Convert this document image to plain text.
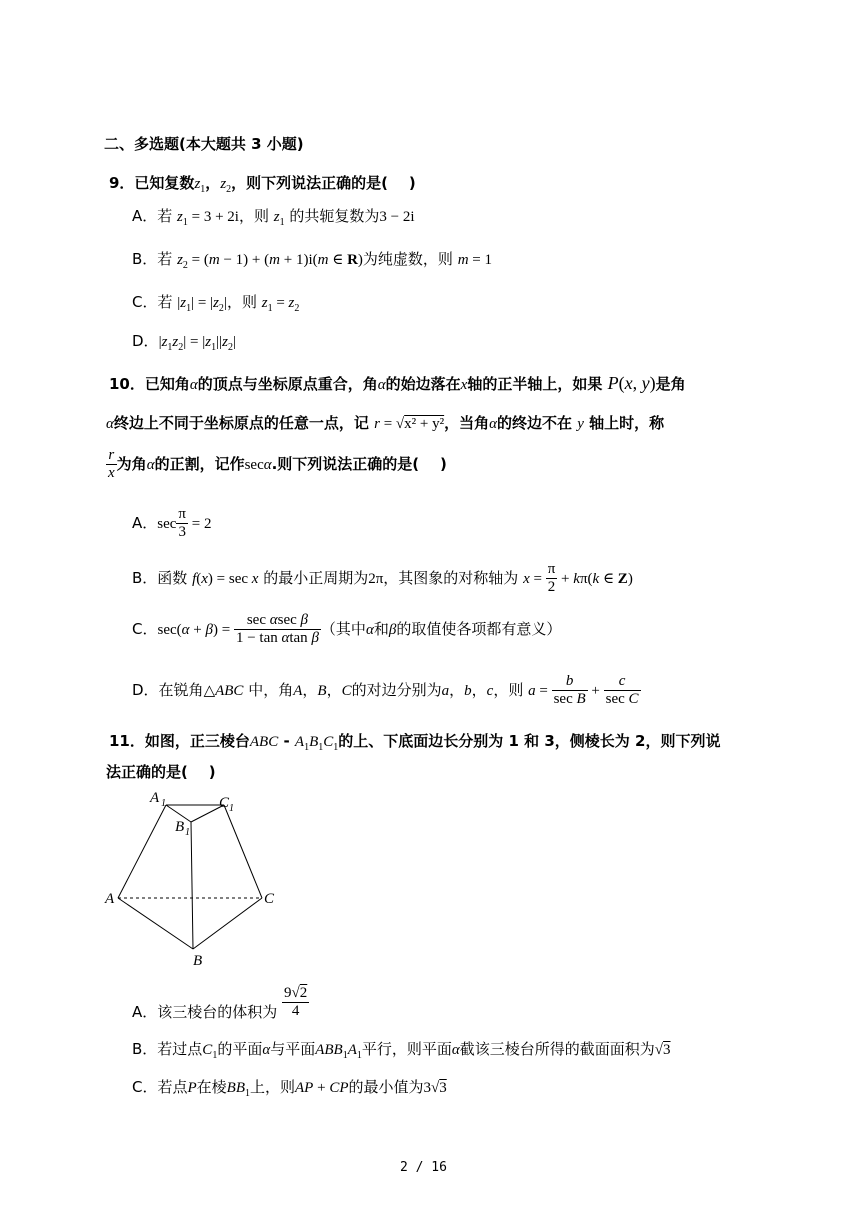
二、多选题(本大题共 3 小题)
9．已知复数$z_1$，$z_2$，则下列说法正确的是(    )
A．若 $z_1 = 3 + 2i$，则 $z_1$ 的共轭复数为3 − 2i
B．若 $z_2 = (m - 1) + (m + 1)i(m$ ∈ R)为纯虚数，则 m = 1
C．若 $|z_1| = |z_2|$，则 $z_1 = z_2$
D．$|z_1z_2| = |z_1||z_2|$
10．已知角α的顶点与坐标原点重合，角α的始边落在x轴的正半轴上，如果 P(x, y)是角
α终边上不同于坐标原点的任意一点，记 r = √x² + y²，当角α的终边不在 y 轴上时，称
$\frac{r}{x}$ 为角α的正割，记作secα.则下列说法正确的是(    )
A．$\sec \frac{\pi}{3} = 2$
B．函数 f(x) = sec x 的最小正周期为2π，其图象的对称轴为 $x = \frac{\pi}{2} + k\pi(k$ ∈ Z)
C．$\sec(\alpha + \beta) = \frac{\text{sec αsec β}}{\text{1 − tan αtan β}}$ （其中α和β的取值使各项都有意义）
D．在锐角△ABC 中，角A，B，C的对边分别为a，b，c，则 $a = \frac{b}{\text{sec B}} + \frac{c}{\text{sec C}}$
11．如图，正三棱台ABC - $A_1B_1C_1$的上、下底面边长分别为 1 和 3，侧棱长为 2，则下列说
法正确的是(    )
A 1	C 1
B 1
A	C
B
A．该三棱台的体积为 $\frac{9√2}{4}$
B．若过点$C_1$的平面α与平面$ABB_1A_1$平行，则平面α截该三棱台所得的截面面积为√3
C．若点P在棱$BB_1$上，则AP + CP的最小值为3√3
2 / 16
